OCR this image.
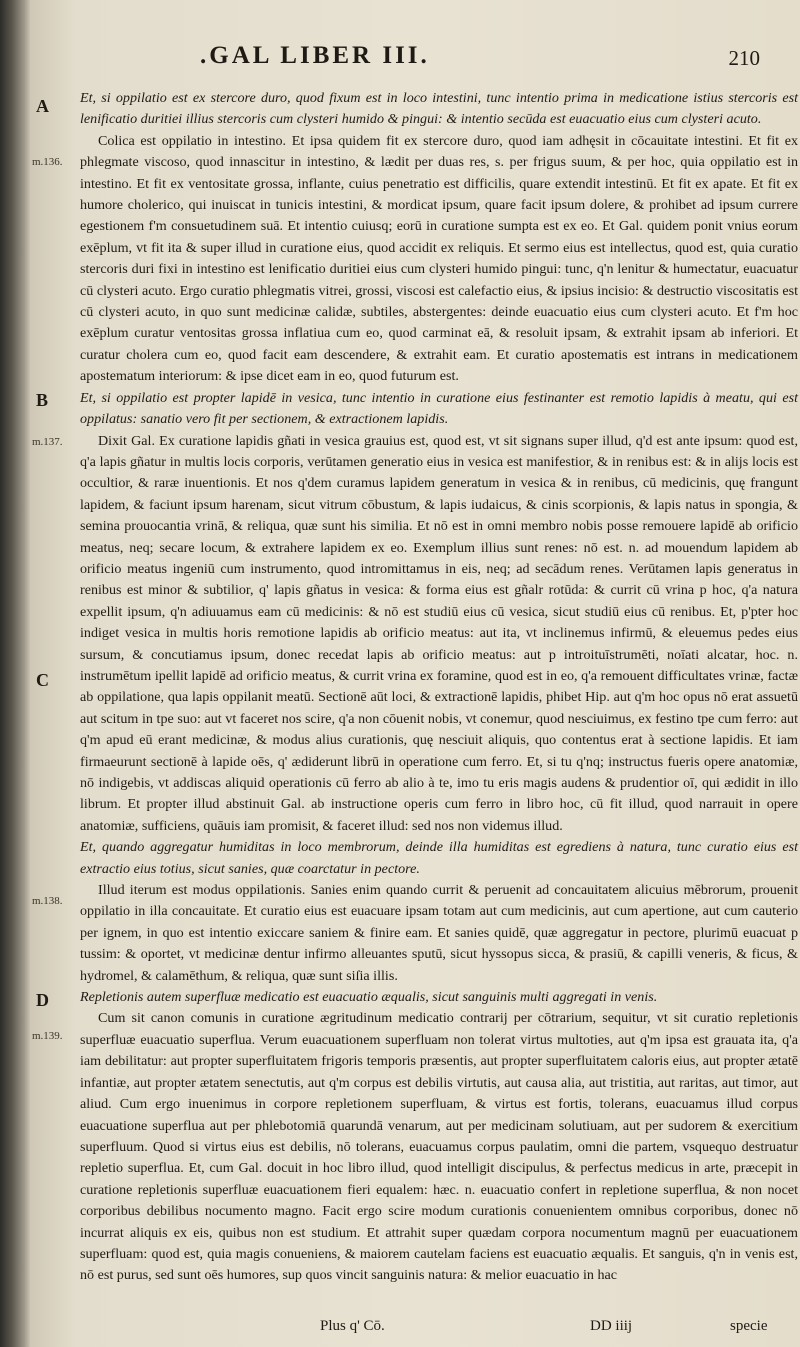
.GAL LIBER III.	210
A
m.136.
B
m.137.
C
m.138.
D
m.139.

Et, si oppilatio est ex stercore duro, quod fixum est in loco intestini, tunc intentio prima in medicatione istius stercoris est lenificatio duritiei illius stercoris cum clysteri humido & pingui: & intentio secūda est euacuatio eius cum clysteri acuto.

Colica est oppilatio in intestino. Et ipsa quidem fit ex stercore duro, quod iam adhęsit in cōcauitate intestini. Et fit ex phlegmate viscoso, quod innascitur in intestino, & lædit per duas res, s. per frigus suum, & per hoc, quia oppilatio est in intestino. Et fit ex ventositate grossa, inflante, cuius penetratio est difficilis, quare extendit intestinū. Et fit ex apate. Et fit ex humore cholerico, qui inuiscat in tunicis intestini, & mordicat ipsum, quare facit ipsum dolere, & prohibet ad ipsum currere egestionem f'm consuetudinem suā. Et intentio cuiusq; eorū in curatione sumpta est ex eo. Et Gal. quidem ponit vnius eorum exēplum, vt fit ita & super illud in curatione eius, quod accidit ex reliquis. Et sermo eius est intellectus, quod est, quia curatio stercoris duri fixi in intestino est lenificatio duritiei eius cum clysteri humido pingui: tunc, q'n lenitur & humectatur, euacuatur cū clysteri acuto. Ergo curatio phlegmatis vitrei, grossi, viscosi est calefactio eius, & ipsius incisio: & destructio viscositatis est cū clysteri acuto, in quo sunt medicinæ calidæ, subtiles, abstergentes: deinde euacuatio eius cum clysteri acuto. Et f'm hoc exēplum curatur ventositas grossa inflatiua cum eo, quod carminat eā, & resoluit ipsam, & extrahit ipsam ab inferiori. Et curatur cholera cum eo, quod facit eam descendere, & extrahit eam. Et curatio apostematis est intrans in medicationem apostematum interiorum: & ipse dicet eam in eo, quod futurum est.

Et, si oppilatio est propter lapidē in vesica, tunc intentio in curatione eius festinanter est remotio lapidis à meatu, qui est oppilatus: sanatio vero fit per sectionem, & extractionem lapidis.

Dixit Gal. Ex curatione lapidis gñati in vesica grauius est, quod est, vt sit signans super illud, q'd est ante ipsum: quod est, q'a lapis gñatur in multis locis corporis, verūtamen generatio eius in vesica est manifestior, & in renibus est: & in alijs locis est occultior, & raræ inuentionis. Et nos q'dem curamus lapidem generatum in vesica & in renibus, cū medicinis, quę frangunt lapidem, & faciunt ipsum harenam, sicut vitrum cōbustum, & lapis iudaicus, & cinis scorpionis, & lapis natus in spongia, & semina prouocantia vrinā, & reliqua, quæ sunt his similia. Et nō est in omni membro nobis posse remouere lapidē ab orificio meatus, neq; secare locum, & extrahere lapidem ex eo. Exemplum illius sunt renes: nō est. n. ad mouendum lapidem ab orificio meatus ingeniū cum instrumento, quod intromittamus in eis, neq; ad secādum renes. Verūtamen lapis generatus in renibus est minor & subtilior, q' lapis gñatus in vesica: & forma eius est gñalr rotūda: & currit cū vrina p hoc, q'a natura expellit ipsum, q'n adiuuamus eam cū medicinis: & nō est studiū eius cū vesica, sicut studiū eius cū renibus. Et, p'pter hoc indiget vesica in multis horis remotione lapidis ab orificio meatus: aut ita, vt inclinemus infirmū, & eleuemus pedes eius sursum, & concutiamus ipsum, donec recedat lapis ab orificio meatus: aut p introituīstrumēti, noīati alcatar, hoc. n. instrumētum ipellit lapidē ad orificio meatus, & currit vrina ex foramine, quod est in eo, q'a remouent difficultates vrinæ, factæ ab oppilatione, qua lapis oppilanit meatū. Sectionē aūt loci, & extractionē lapidis, phibet Hip. aut q'm hoc opus nō erat assuetū aut scitum in tpe suo: aut vt faceret nos scire, q'a non cōuenit nobis, vt conemur, quod nesciuimus, ex festino tpe cum ferro: aut q'm apud eū erant medicinæ, & modus alius curationis, quę nesciuit aliquis, quo contentus erat à sectione lapidis. Et iam firmaeurunt sectionē à lapide oēs, q' ædiderunt librū in operatione cum ferro. Et, si tu q'nq; instructus fueris opere anatomiæ, nō indigebis, vt addiscas aliquid operationis cū ferro ab alio à te, imo tu eris magis audens & prudentior oī, qui ædidit in illo librum. Et propter illud abstinuit Gal. ab instructione operis cum ferro in libro hoc, cū fit illud, quod narrauit in opere anatomiæ, sufficiens, quāuis iam promisit, & faceret illud: sed nos non videmus illud.

Et, quando aggregatur humiditas in loco membrorum, deinde illa humiditas est egrediens à natura, tunc curatio eius est extractio eius totius, sicut sanies, quæ coarctatur in pectore.

Illud iterum est modus oppilationis. Sanies enim quando currit & peruenit ad concauitatem alicuius mēbrorum, prouenit oppilatio in illa concauitate. Et curatio eius est euacuare ipsam totam aut cum medicinis, aut cum apertione, aut cum cauterio per ignem, in quo est intentio exiccare saniem & finire eam. Et sanies quidē, quæ aggregatur in pectore, plurimū euacuat p tussim: & oportet, vt medicinæ dentur infirmo alleuantes sputū, sicut hyssopus sicca, & prasiū, & capilli veneris, & ficus, & hydromel, & calamēthum, & reliqua, quæ sunt siſia illis.

Repletionis autem superfluæ medicatio est euacuatio æqualis, sicut sanguinis multi aggregati in venis.

Cum sit canon comunis in curatione ægritudinum medicatio contrarij per cōtrarium, sequitur, vt sit curatio repletionis superfluæ euacuatio superflua. Verum euacuationem superfluam non tolerat virtus multoties, aut q'm ipsa est grauata ita, q'a iam debilitatur: aut propter superfluitatem frigoris temporis præsentis, aut propter superfluitatem caloris eius, aut propter ætatē infantiæ, aut propter ætatem senectutis, aut q'm corpus est debilis virtutis, aut causa alia, aut tristitia, aut raritas, aut timor, aut aliud. Cum ergo inuenimus in corpore repletionem superfluam, & virtus est fortis, tolerans, euacuamus illud corpus euacuatione superflua aut per phlebotomiā quarundā venarum, aut per medicinam solutiuam, aut per sudorem & exercitium superfluum. Quod si virtus eius est debilis, nō tolerans, euacuamus corpus paulatim, omni die partem, vsquequo destruatur repletio superflua. Et, cum Gal. docuit in hoc libro illud, quod intelligit discipulus, & perfectus medicus in arte, præcepit in curatione repletionis superfluæ euacuationem fieri equalem: hæc. n. euacuatio confert in repletione superflua, & non nocet corporibus debilibus nocumento magno. Facit ergo scire modum curationis conuenientem omnibus corporibus, donec nō incurrat aliquis ex eis, quibus non est studium. Et attrahit super quædam corpora nocumentum magnū per euacuationem superfluam: quod est, quia magis conueniens, & maiorem cautelam faciens est euacuatio æqualis. Et sanguis, q'n in venis est, nō est purus, sed sunt oēs humores, sup quos vincit sanguinis natura: & melior euacuatio in hac

Plus q' Cō.	DD iiij	specie
